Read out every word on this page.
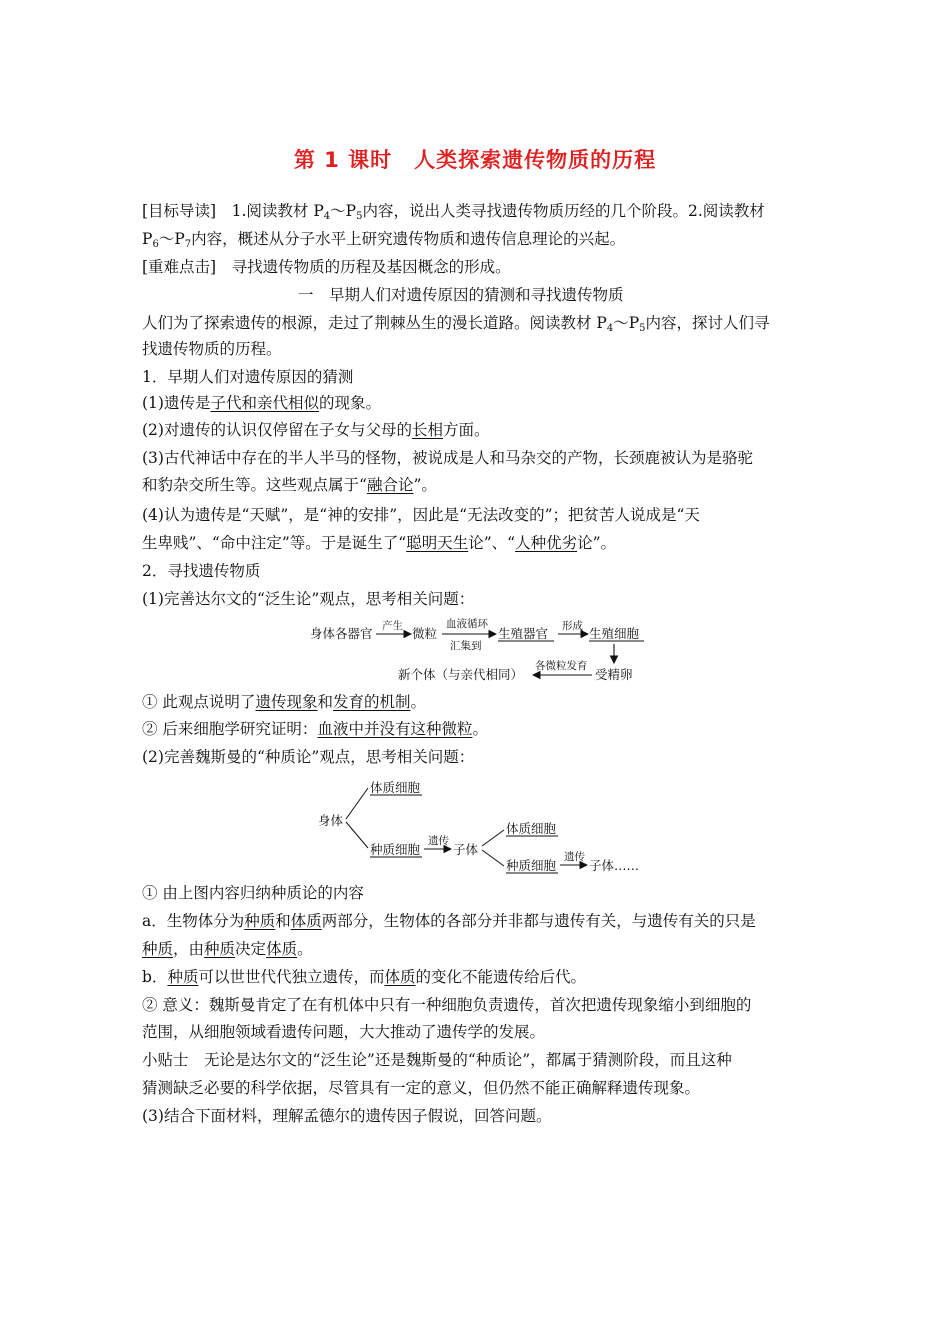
第 1 课时　人类探索遗传物质的历程
[目标导读]　 1.阅读教材 $P_4\sim P_5$内容，说出人类寻找遗传物质历经的几个阶段。2.阅读教材
$P_6\sim P_7$内容，概述从分子水平上研究遗传物质和遗传信息理论的兴起。
[重难点击]　 寻找遗传物质的历程及基因概念的形成。
一　早期人们对遗传原因的猜测和寻找遗传物质
人们为了探索遗传的根源，走过了荆棘丛生的漫长道路。阅读教材 $P_4\sim P_5$内容，探讨人们寻
找遗传物质的历程。
1．早期人们对遗传原因的猜测
(1)遗传是子代和亲代相似的现象。
(2)对遗传的认识仅停留在子女与父母的长相方面。
(3)古代神话中存在的半人半马的怪物，被说成是人和马杂交的产物，长颈鹿被认为是骆驼
和豹杂交所生等。这些观点属于“融合论”。
(4)认为遗传是“天赋”，是“神的安排”，因此是“无法改变的”；把贫苦人说成是“天
生卑贱”、“命中注定”等。于是诞生了“聪明天生论”、“人种优劣论”。
2．寻找遗传物质
(1)完善达尔文的“泛生论”观点，思考相关问题：
身体各器官 产生 微粒
血液循环
汇集到
生殖器官 形成 生殖细胞
受精卵
各微粒发育
新个体（与亲代相同）
① 此观点说明了遗传现象和发育的机制。
② 后来细胞学研究证明：血液中并没有这种微粒。
(2)完善魏斯曼的“种质论”观点，思考相关问题：
身体
体质细胞
种质细胞
遗传
子体
体质细胞
种质细胞
遗传
子体……
① 由上图内容归纳种质论的内容
a．生物体分为种质和体质两部分，生物体的各部分并非都与遗传有关，与遗传有关的只是
种质，由种质决定体质。
b．种质可以世世代代独立遗传，而体质的变化不能遗传给后代。
② 意义：魏斯曼肯定了在有机体中只有一种细胞负责遗传，首次把遗传现象缩小到细胞的
范围，从细胞领域看遗传问题，大大推动了遗传学的发展。
小贴士　无论是达尔文的“泛生论”还是魏斯曼的“种质论”，都属于猜测阶段，而且这种
猜测缺乏必要的科学依据，尽管具有一定的意义，但仍然不能正确解释遗传现象。
(3)结合下面材料，理解孟德尔的遗传因子假说，回答问题。
